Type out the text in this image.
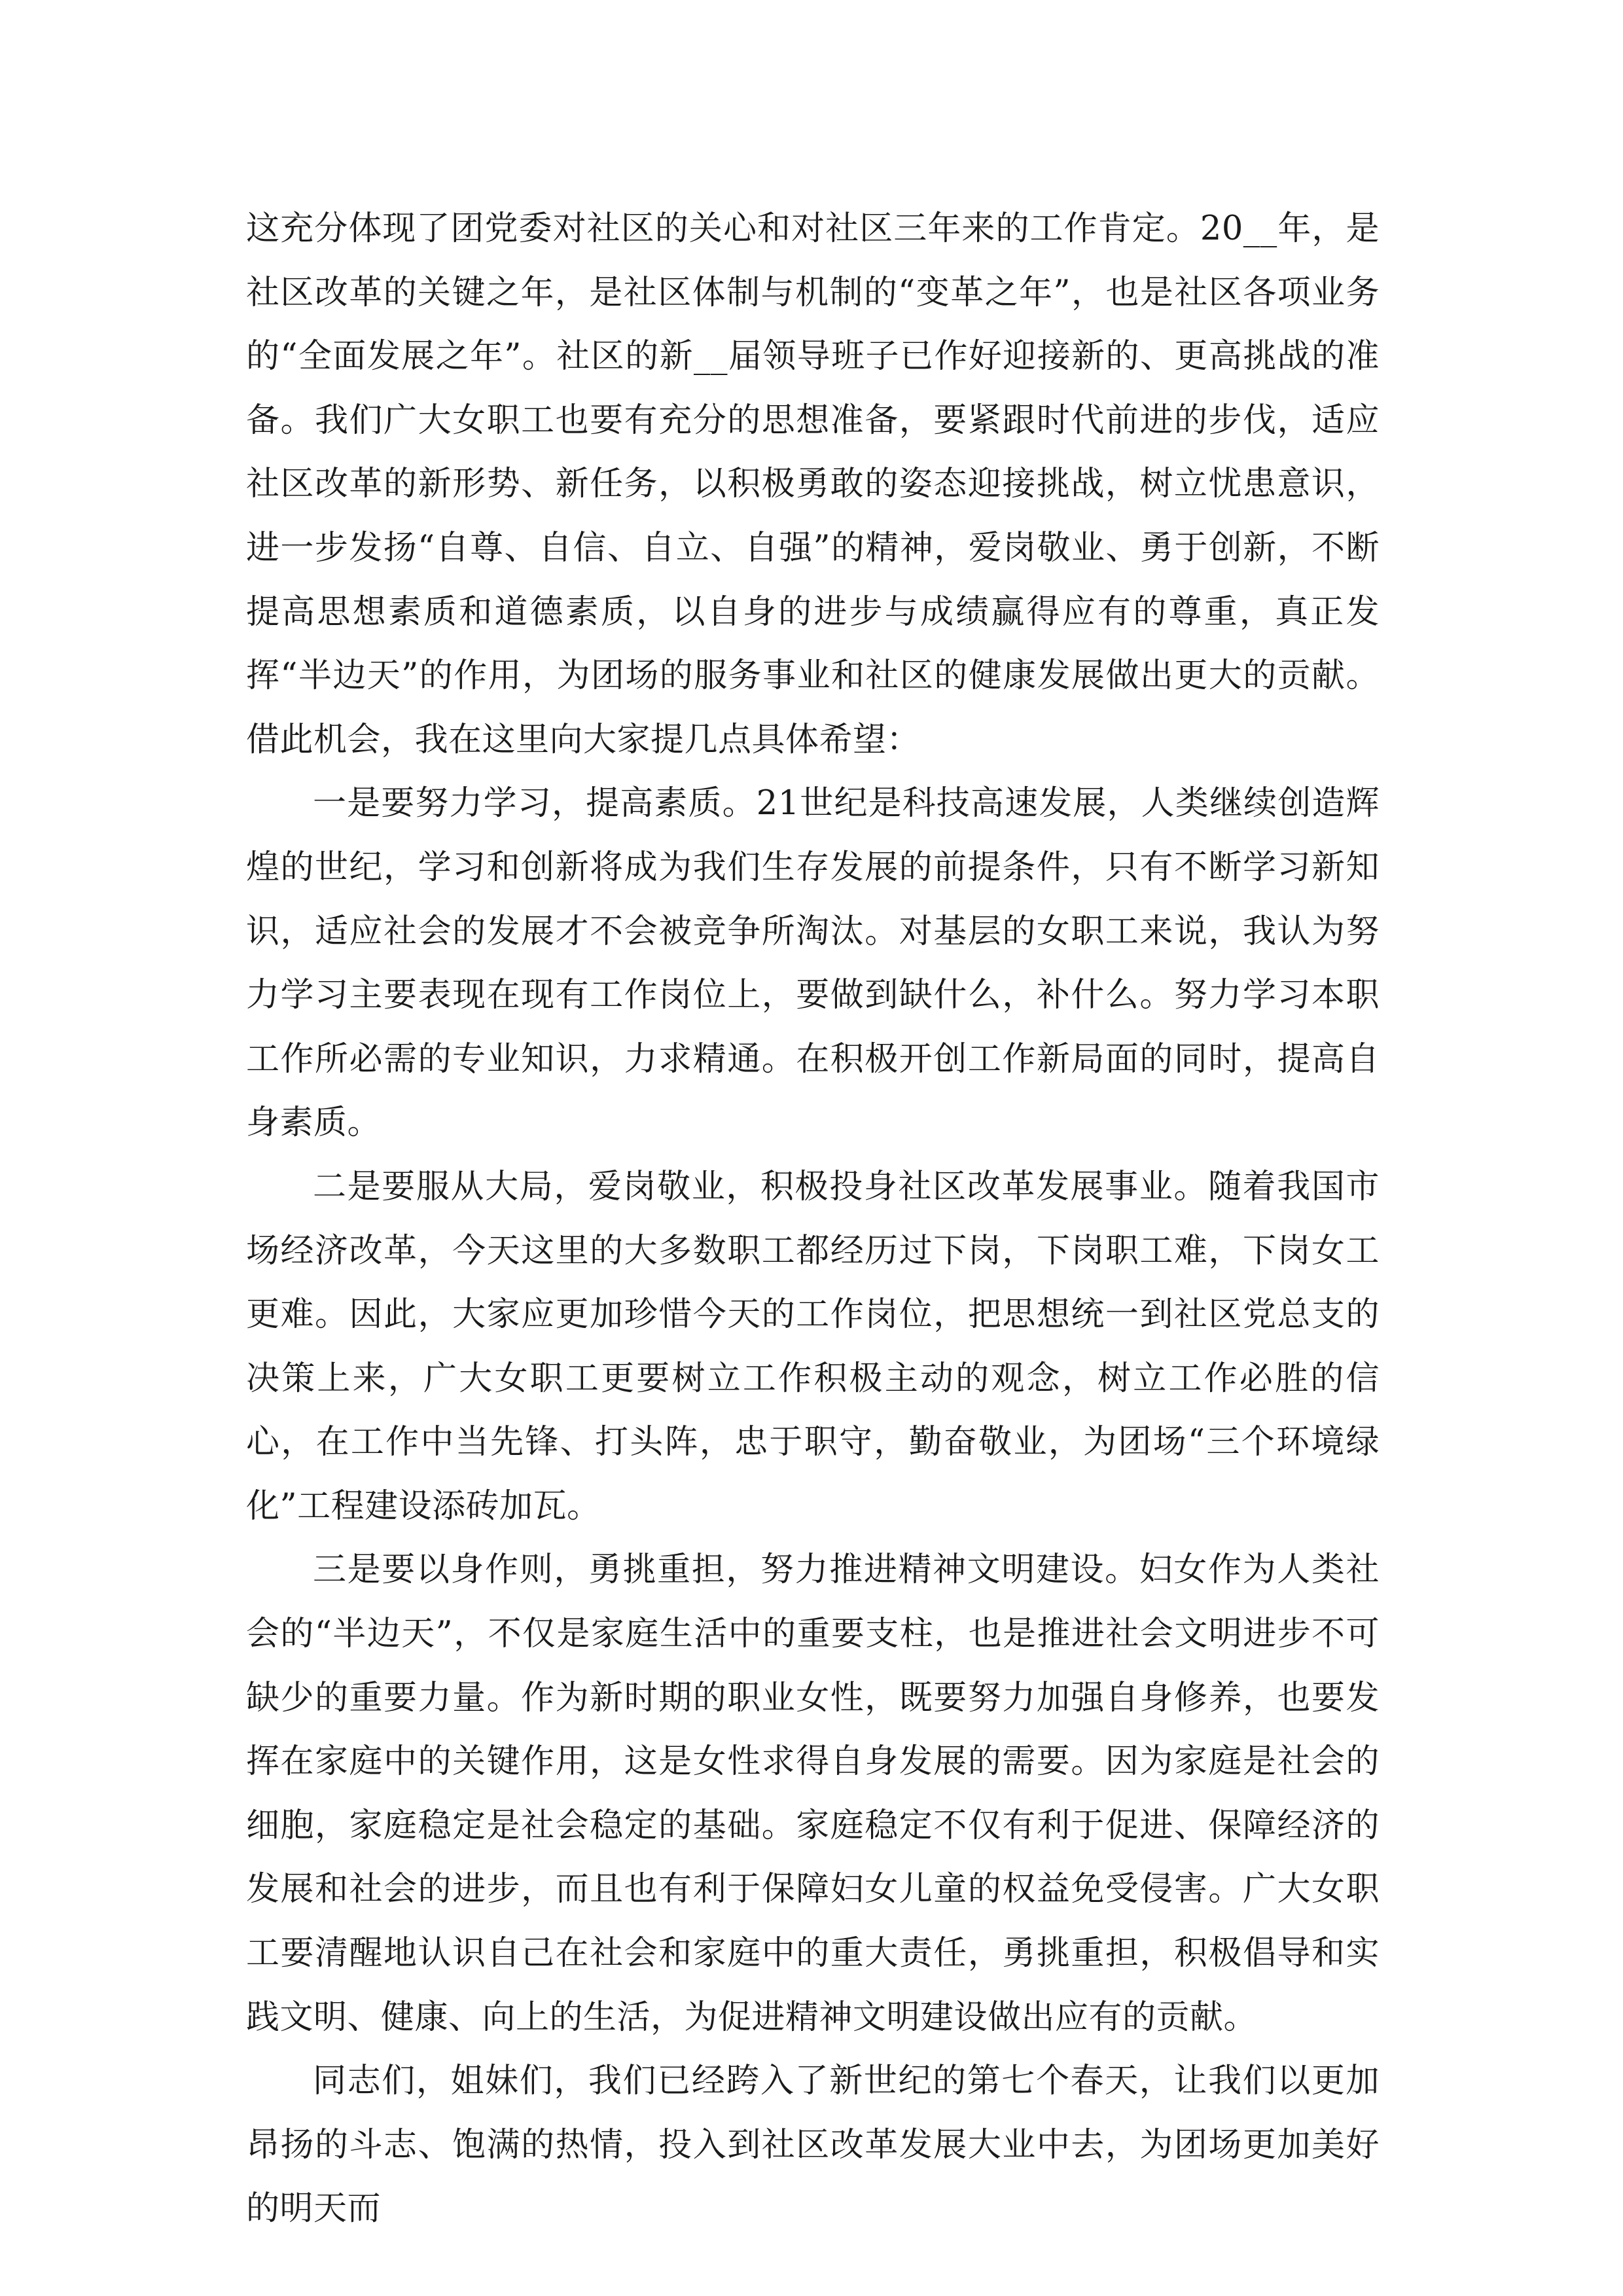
这充分体现了团党委对社区的关心和对社区三年来的工作肯定。20__年，是社区改革的关键之年，是社区体制与机制的“变革之年”，也是社区各项业务的“全面发展之年”。社区的新__届领导班子已作好迎接新的、更高挑战的准备。我们广大女职工也要有充分的思想准备，要紧跟时代前进的步伐，适应社区改革的新形势、新任务，以积极勇敢的姿态迎接挑战，树立忧患意识，进一步发扬“自尊、自信、自立、自强”的精神，爱岗敬业、勇于创新，不断提高思想素质和道德素质，以自身的进步与成绩赢得应有的尊重，真正发挥“半边天”的作用，为团场的服务事业和社区的健康发展做出更大的贡献。借此机会，我在这里向大家提几点具体希望：

一是要努力学习，提高素质。21世纪是科技高速发展，人类继续创造辉煌的世纪，学习和创新将成为我们生存发展的前提条件，只有不断学习新知识，适应社会的发展才不会被竞争所淘汰。对基层的女职工来说，我认为努力学习主要表现在现有工作岗位上，要做到缺什么，补什么。努力学习本职工作所必需的专业知识，力求精通。在积极开创工作新局面的同时，提高自身素质。

二是要服从大局，爱岗敬业，积极投身社区改革发展事业。随着我国市场经济改革，今天这里的大多数职工都经历过下岗，下岗职工难，下岗女工更难。因此，大家应更加珍惜今天的工作岗位，把思想统一到社区党总支的决策上来，广大女职工更要树立工作积极主动的观念，树立工作必胜的信心，在工作中当先锋、打头阵，忠于职守，勤奋敬业，为团场“三个环境绿化”工程建设添砖加瓦。

三是要以身作则，勇挑重担，努力推进精神文明建设。妇女作为人类社会的“半边天”，不仅是家庭生活中的重要支柱，也是推进社会文明进步不可缺少的重要力量。作为新时期的职业女性，既要努力加强自身修养，也要发挥在家庭中的关键作用，这是女性求得自身发展的需要。因为家庭是社会的细胞，家庭稳定是社会稳定的基础。家庭稳定不仅有利于促进、保障经济的发展和社会的进步，而且也有利于保障妇女儿童的权益免受侵害。广大女职工要清醒地认识自己在社会和家庭中的重大责任，勇挑重担，积极倡导和实践文明、健康、向上的生活，为促进精神文明建设做出应有的贡献。

同志们，姐妹们，我们已经跨入了新世纪的第七个春天，让我们以更加昂扬的斗志、饱满的热情，投入到社区改革发展大业中去，为团场更加美好的明天而
